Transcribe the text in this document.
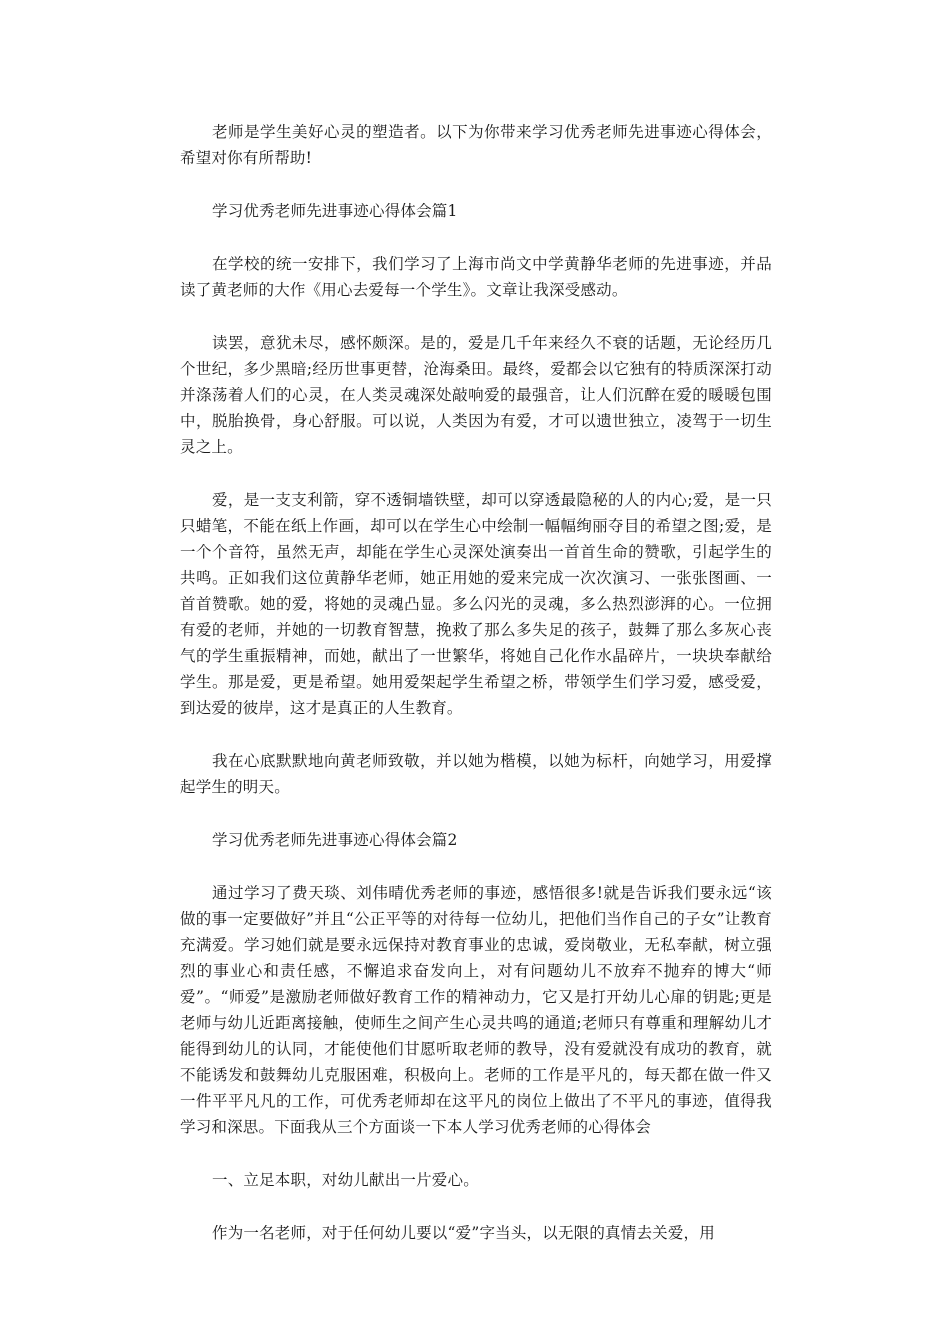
老师是学生美好心灵的塑造者。以下为你带来学习优秀老师先进事迹心得体会，希望对你有所帮助!

学习优秀老师先进事迹心得体会篇1

在学校的统一安排下，我们学习了上海市尚文中学黄静华老师的先进事迹，并品读了黄老师的大作《用心去爱每一个学生》。文章让我深受感动。

读罢，意犹未尽，感怀颇深。是的，爱是几千年来经久不衰的话题，无论经历几个世纪，多少黑暗;经历世事更替，沧海桑田。最终，爱都会以它独有的特质深深打动并涤荡着人们的心灵，在人类灵魂深处敲响爱的最强音，让人们沉醉在爱的暖暖包围中，脱胎换骨，身心舒服。可以说，人类因为有爱，才可以遗世独立，凌驾于一切生灵之上。

爱，是一支支利箭，穿不透铜墙铁壁，却可以穿透最隐秘的人的内心;爱，是一只只蜡笔，不能在纸上作画，却可以在学生心中绘制一幅幅绚丽夺目的希望之图;爱，是一个个音符，虽然无声，却能在学生心灵深处演奏出一首首生命的赞歌，引起学生的共鸣。正如我们这位黄静华老师，她正用她的爱来完成一次次演习、一张张图画、一首首赞歌。她的爱，将她的灵魂凸显。多么闪光的灵魂，多么热烈澎湃的心。一位拥有爱的老师，并她的一切教育智慧，挽救了那么多失足的孩子，鼓舞了那么多灰心丧气的学生重振精神，而她，献出了一世繁华，将她自己化作水晶碎片，一块块奉献给学生。那是爱，更是希望。她用爱架起学生希望之桥，带领学生们学习爱，感受爱，到达爱的彼岸，这才是真正的人生教育。

我在心底默默地向黄老师致敬，并以她为楷模，以她为标杆，向她学习，用爱撑起学生的明天。

学习优秀老师先进事迹心得体会篇2

通过学习了费天琰、刘伟晴优秀老师的事迹，感悟很多!就是告诉我们要永远“该做的事一定要做好”并且“公正平等的对待每一位幼儿，把他们当作自己的子女”让教育充满爱。学习她们就是要永远保持对教育事业的忠诚，爱岗敬业，无私奉献，树立强烈的事业心和责任感，不懈追求奋发向上，对有问题幼儿不放弃不抛弃的博大“师爱”。“师爱”是激励老师做好教育工作的精神动力，它又是打开幼儿心扉的钥匙;更是老师与幼儿近距离接触，使师生之间产生心灵共鸣的通道;老师只有尊重和理解幼儿才能得到幼儿的认同，才能使他们甘愿听取老师的教导，没有爱就没有成功的教育，就不能诱发和鼓舞幼儿克服困难，积极向上。老师的工作是平凡的，每天都在做一件又一件平平凡凡的工作，可优秀老师却在这平凡的岗位上做出了不平凡的事迹，值得我学习和深思。下面我从三个方面谈一下本人学习优秀老师的心得体会

一、立足本职，对幼儿献出一片爱心。

作为一名老师，对于任何幼儿要以“爱”字当头，以无限的真情去关爱，用
